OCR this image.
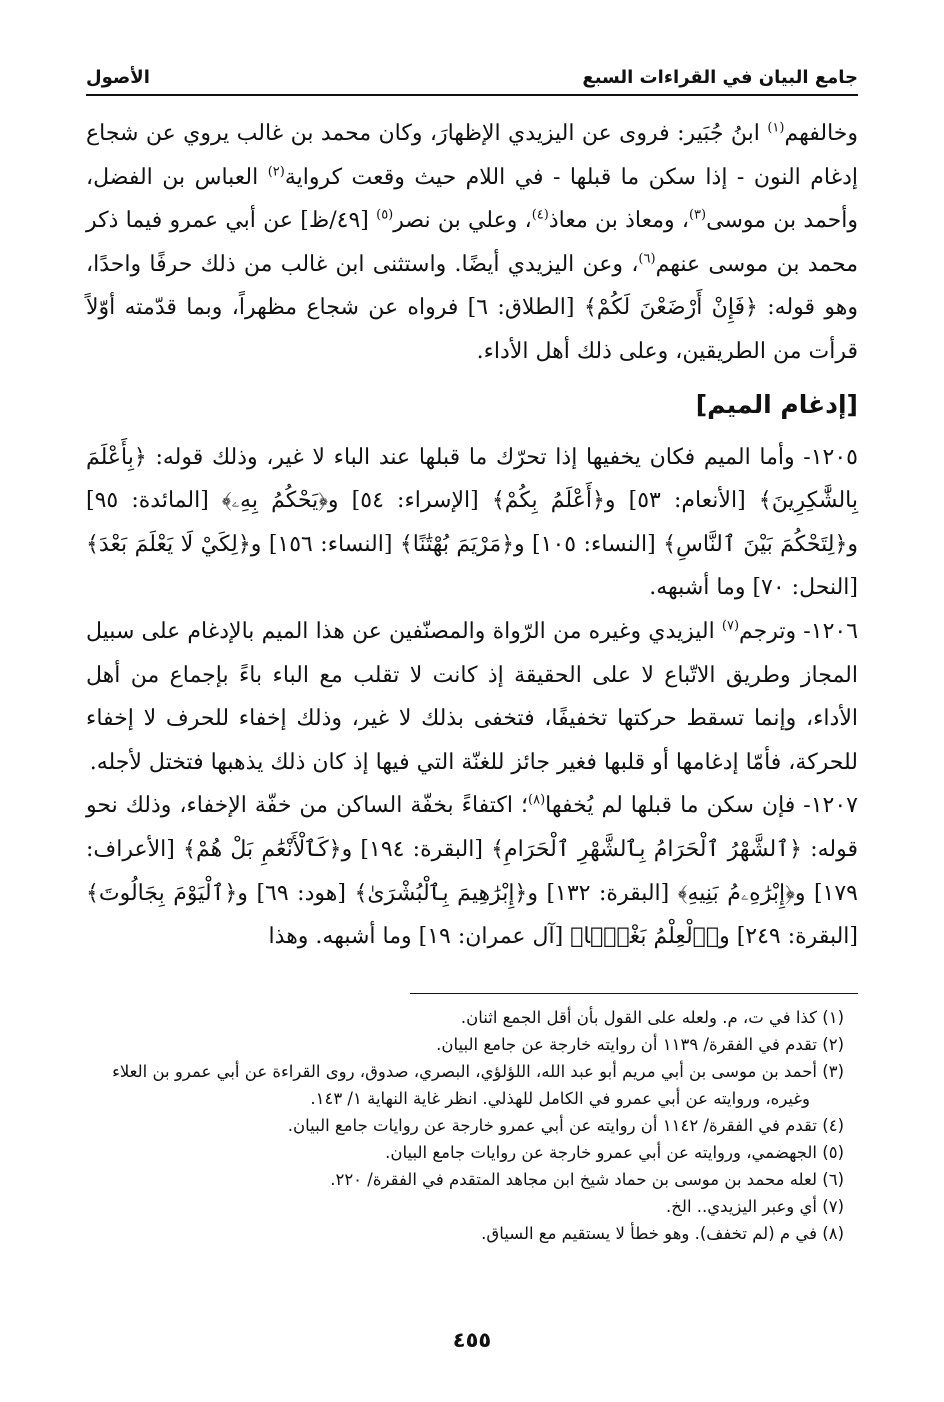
جامع البيان في القراءات السبع
الأصول

وخالفهم$^{(١)}$ ابنُ جُبَير: فروى عن اليزيدي الإظهارَ، وكان محمد بن غالب يروي عن شجاع إدغام النون - إذا سكن ما قبلها - في اللام حيث وقعت كرواية$^{(٢)}$ العباس بن الفضل، وأحمد بن موسى$^{(٣)}$، ومعاذ بن معاذ$^{(٤)}$، وعلي بن نصر$^{(٥)}$ [٤٩/ظ] عن أبي عمرو فيما ذكر محمد بن موسى عنهم$^{(٦)}$، وعن اليزيدي أيضًا. واستثنى ابن غالب من ذلك حرفًا واحدًا، وهو قوله: ﴿فَإِنْ أَرْضَعْنَ لَكُمْ﴾ [الطلاق: ٦] فرواه عن شجاع مظهراً، وبما قدّمته أوّلاً قرأت من الطريقين، وعلى ذلك أهل الأداء.

[إدغام الميم]

١٢٠٥- وأما الميم فكان يخفيها إذا تحرّك ما قبلها عند الباء لا غير، وذلك قوله: ﴿بِأَعْلَمَ بِالشَّٰكِرِينَ﴾ [الأنعام: ٥٣] و﴿أَعْلَمُ بِكُمْ﴾ [الإسراء: ٥٤] و﴿يَحْكُمُ بِهِۦ﴾ [المائدة: ٩٥] و﴿لِتَحْكُمَ بَيْنَ ٱلنَّاسِ﴾ [النساء: ١٠٥] و﴿مَرْيَمَ بُهْتَٰنًا﴾ [النساء: ١٥٦] و﴿لِكَيْ لَا يَعْلَمَ بَعْدَ﴾ [النحل: ٧٠] وما أشبهه.

١٢٠٦- وترجم$^{(٧)}$ اليزيدي وغيره من الرّواة والمصنّفين عن هذا الميم بالإدغام على سبيل المجاز وطريق الاتّباع لا على الحقيقة إذ كانت لا تقلب مع الباء باءً بإجماع من أهل الأداء، وإنما تسقط حركتها تخفيفًا، فتخفى بذلك لا غير، وذلك إخفاء للحرف لا إخفاء للحركة، فأمّا إدغامها أو قلبها فغير جائز للغنّة التي فيها إذ كان ذلك يذهبها فتختل لأجله.

١٢٠٧- فإن سكن ما قبلها لم يُخفها$^{(٨)}$؛ اكتفاءً بخفّة الساكن من خفّة الإخفاء، وذلك نحو قوله: ﴿ٱلشَّهْرُ ٱلْحَرَامُ بِٱلشَّهْرِ ٱلْحَرَامِ﴾ [البقرة: ١٩٤] و﴿كَٱلْأَنْعَٰمِ بَلْ هُمْ﴾ [الأعراف: ١٧٩] و﴿إِبْرَٰهِۦمُ بَنِيهِ﴾ [البقرة: ١٣٢] و﴿إِبْرَٰهِيمَ بِٱلْبُشْرَىٰ﴾ [هود: ٦٩] و﴿ٱلْيَوْمَ بِجَالُوتَ﴾ [البقرة: ٢٤٩] و﴿ٱلْعِلْمُ بَغْيًۢا﴾ [آل عمران: ١٩] وما أشبهه. وهذا

(١) كذا في ت، م. ولعله على القول بأن أقل الجمع اثنان.

(٢) تقدم في الفقرة/ ١١٣٩ أن روايته خارجة عن جامع البيان.

(٣) أحمد بن موسى بن أبي مريم أبو عبد الله، اللؤلؤي، البصري، صدوق، روى القراءة عن أبي عمرو بن العلاء وغيره، وروايته عن أبي عمرو في الكامل للهذلي. انظر غاية النهاية ١/ ١٤٣.

(٤) تقدم في الفقرة/ ١١٤٢ أن روايته عن أبي عمرو خارجة عن روايات جامع البيان.

(٥) الجهضمي، وروايته عن أبي عمرو خارجة عن روايات جامع البيان.

(٦) لعله محمد بن موسى بن حماد شيخ ابن مجاهد المتقدم في الفقرة/ ٢٢٠.

(٧) أي وعبر اليزيدي.. الخ.

(٨) في م (لم تخفف). وهو خطأ لا يستقيم مع السياق.

٤٥٥
